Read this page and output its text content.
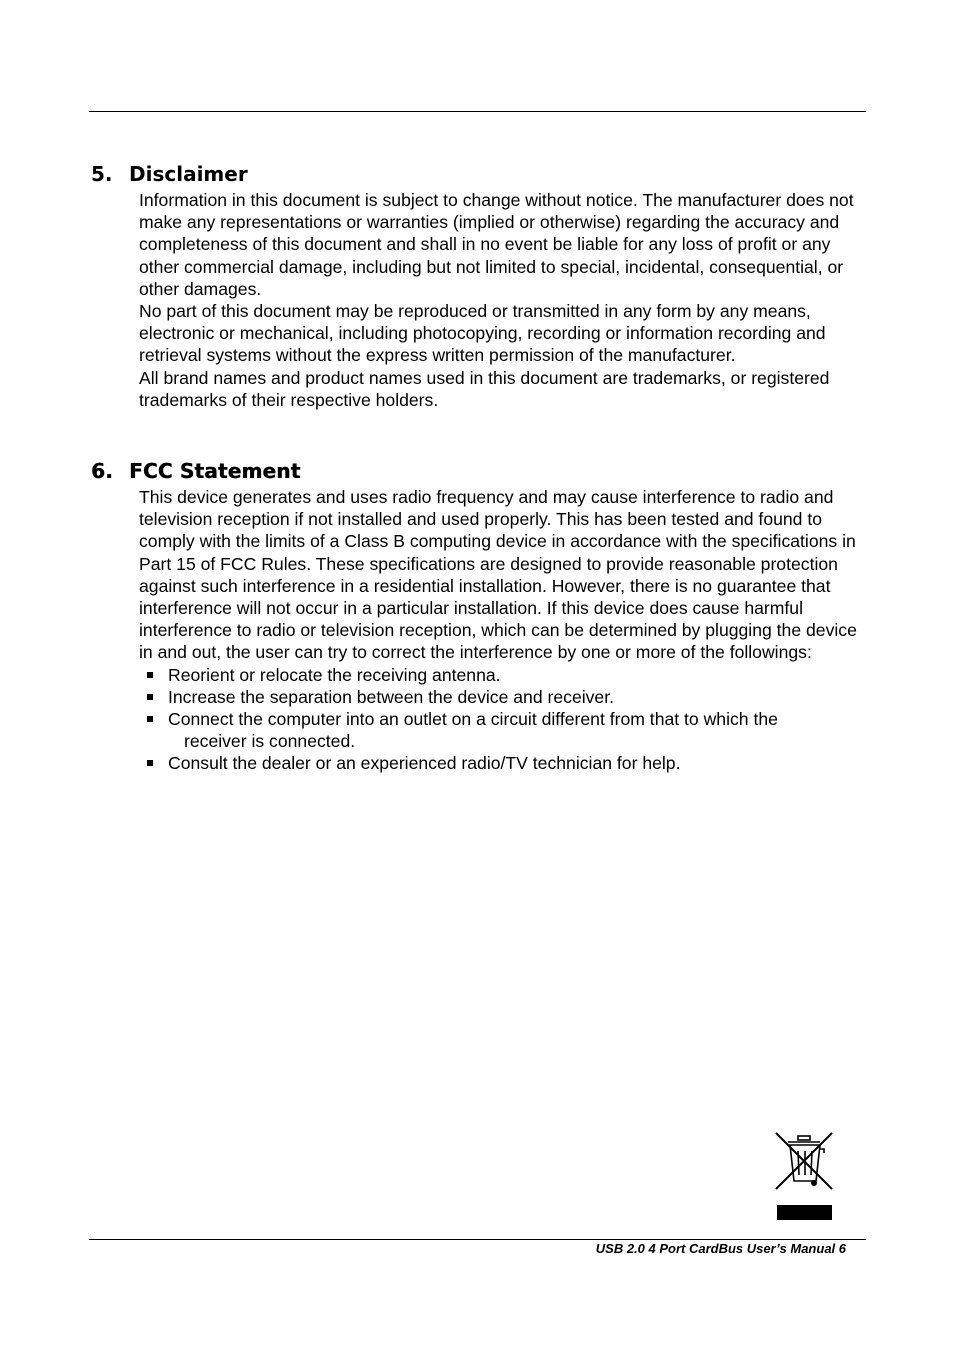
5. Disclaimer

Information in this document is subject to change without notice. The manufacturer does not make any representations or warranties (implied or otherwise) regarding the accuracy and completeness of this document and shall in no event be liable for any loss of profit or any other commercial damage, including but not limited to special, incidental, consequential, or other damages.

No part of this document may be reproduced or transmitted in any form by any means, electronic or mechanical, including photocopying, recording or information recording and retrieval systems without the express written permission of the manufacturer.

All brand names and product names used in this document are trademarks, or registered trademarks of their respective holders.

6. FCC Statement

This device generates and uses radio frequency and may cause interference to radio and television reception if not installed and used properly. This has been tested and found to comply with the limits of a Class B computing device in accordance with the specifications in Part 15 of FCC Rules. These specifications are designed to provide reasonable protection against such interference in a residential installation. However, there is no guarantee that interference will not occur in a particular installation. If this device does cause harmful interference to radio or television reception, which can be determined by plugging the device in and out, the user can try to correct the interference by one or more of the followings:

Reorient or relocate the receiving antenna.
Increase the separation between the device and receiver.
Connect the computer into an outlet on a circuit different from that to which the
receiver is connected.
Consult the dealer or an experienced radio/TV technician for help.
USB 2.0 4 Port CardBus User’s Manual 6
